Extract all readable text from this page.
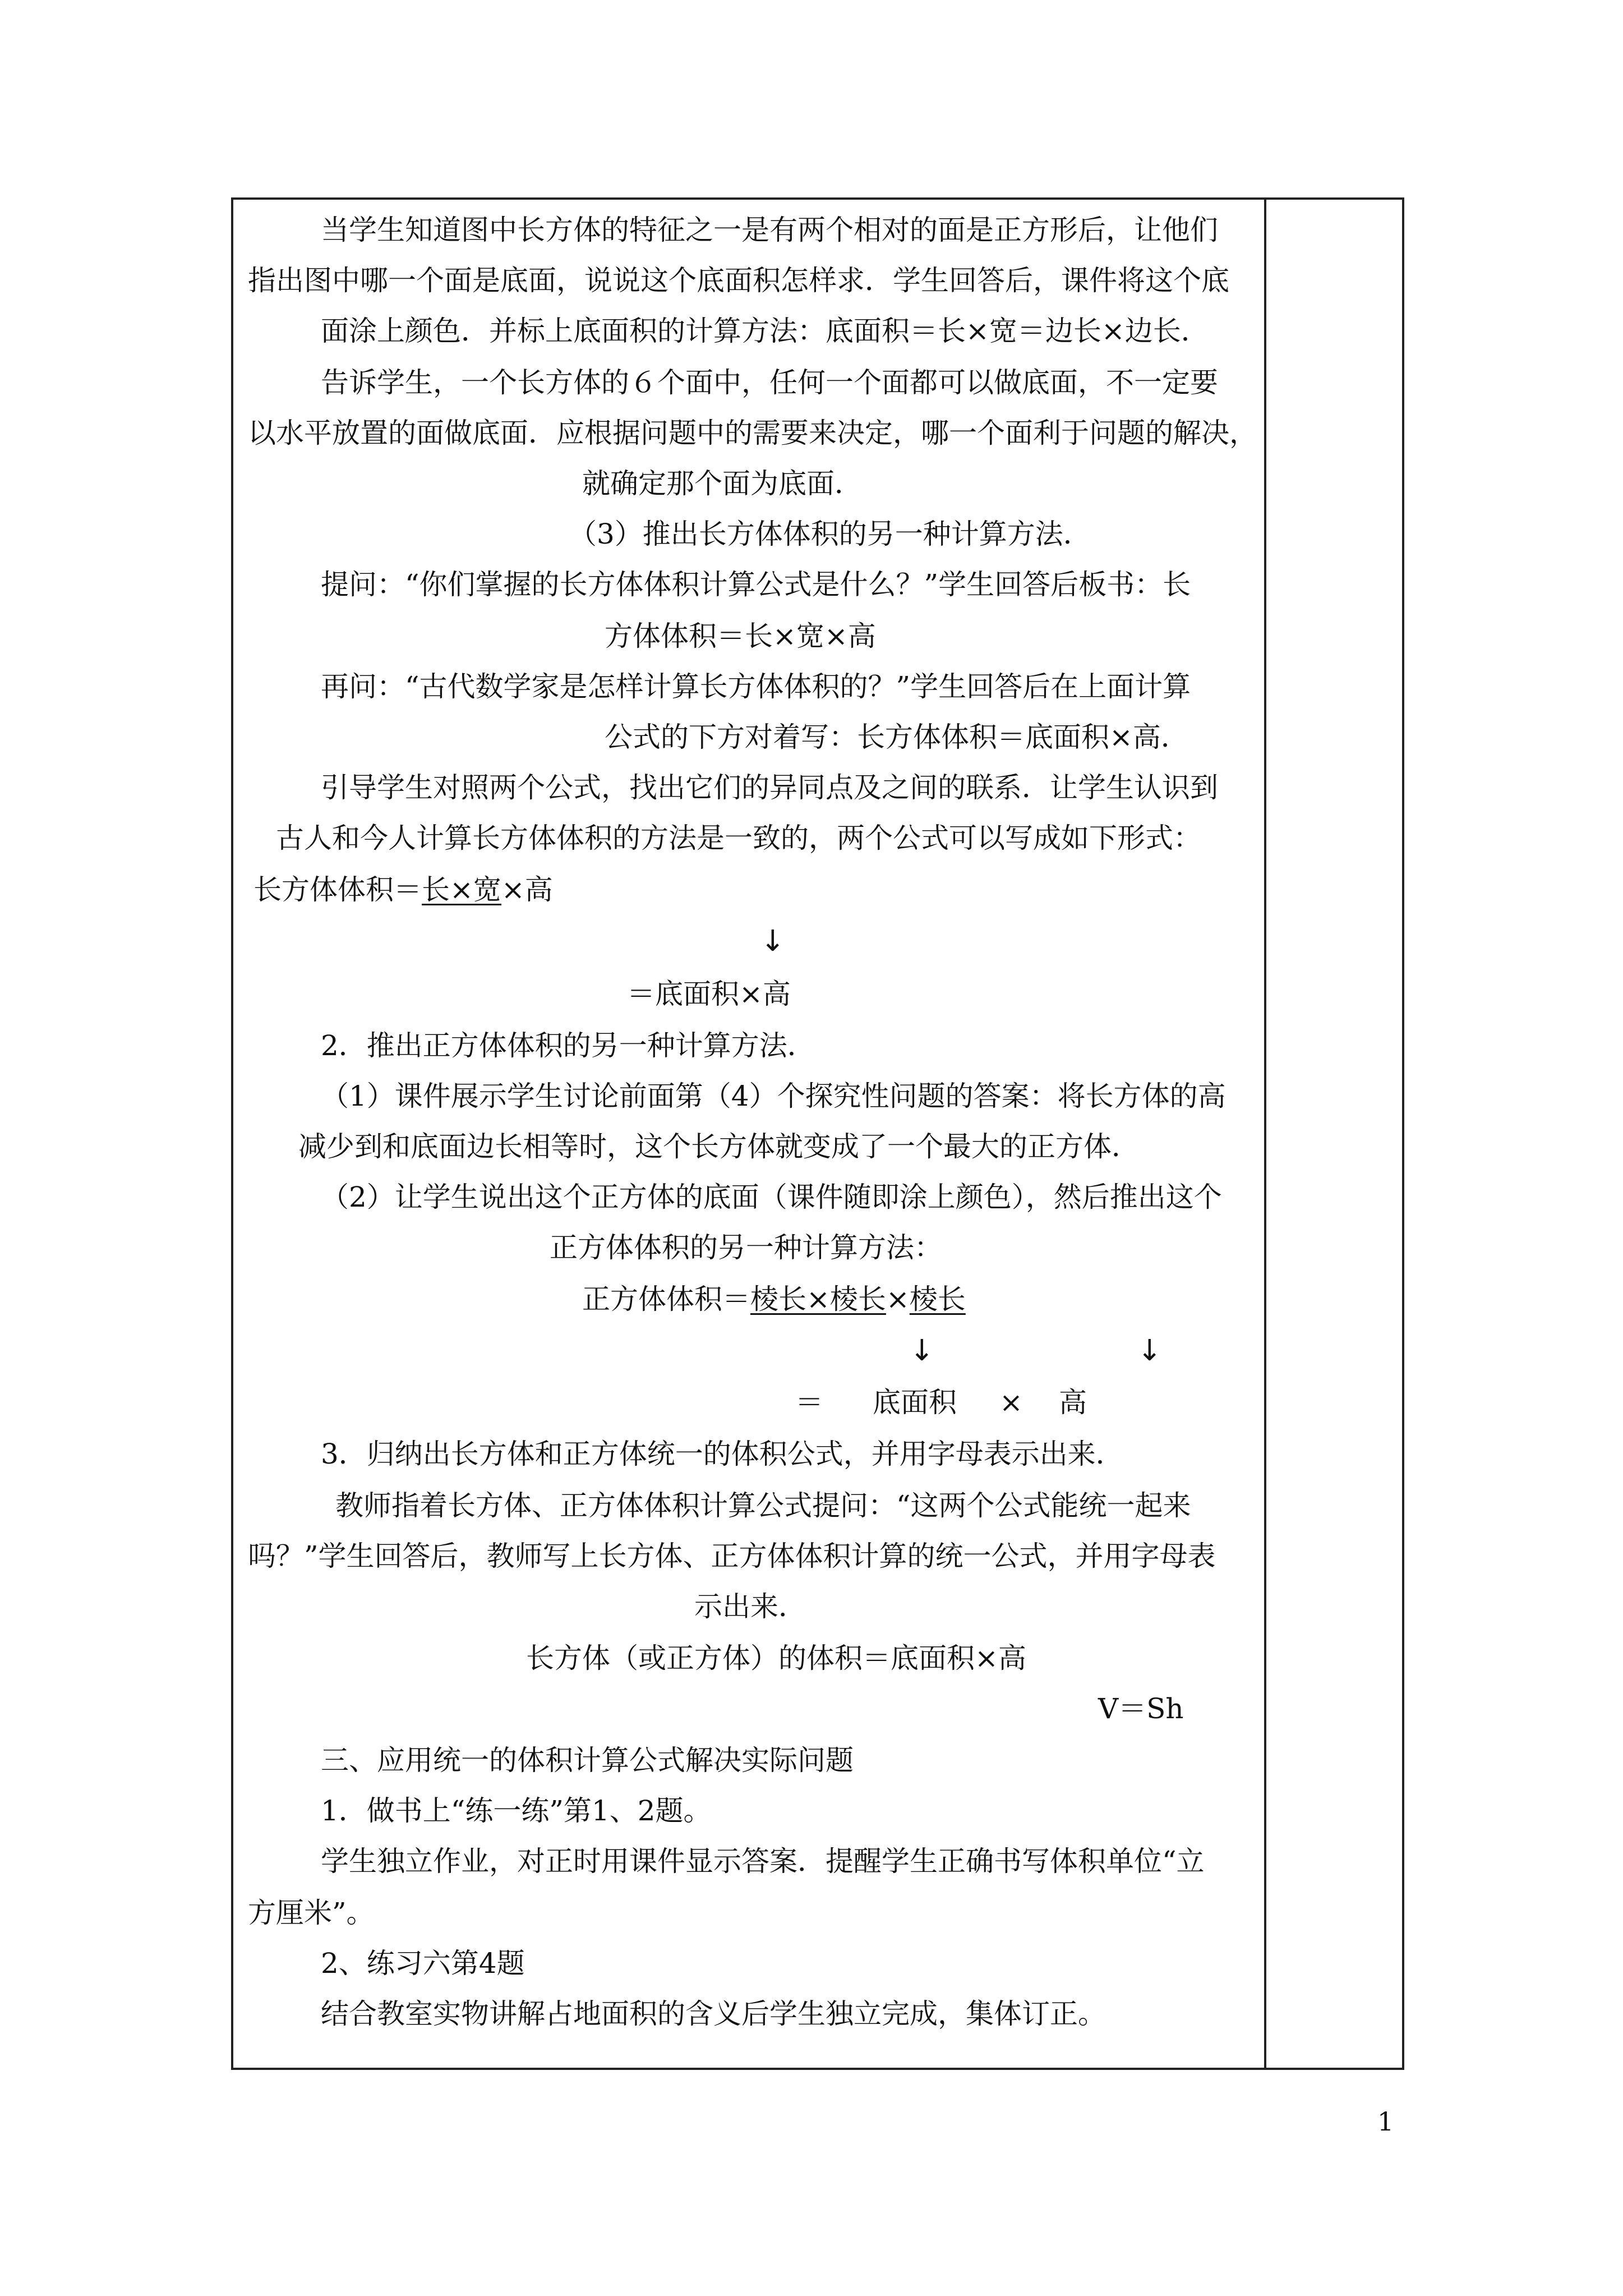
当学生知道图中长方体的特征之一是有两个相对的面是正方形后，让他们
指出图中哪一个面是底面，说说这个底面积怎样求．学生回答后，课件将这个底
面涂上颜色．并标上底面积的计算方法：底面积＝长×宽＝边长×边长．
告诉学生，一个长方体的６个面中，任何一个面都可以做底面，不一定要
以水平放置的面做底面．应根据问题中的需要来决定，哪一个面利于问题的解决，
就确定那个面为底面．
（3）推出长方体体积的另一种计算方法．
提问：“你们掌握的长方体体积计算公式是什么？”学生回答后板书：长
方体体积＝长×宽×高
再问：“古代数学家是怎样计算长方体体积的？”学生回答后在上面计算
公式的下方对着写：长方体体积＝底面积×高．
引导学生对照两个公式，找出它们的异同点及之间的联系．让学生认识到
古人和今人计算长方体体积的方法是一致的，两个公式可以写成如下形式：
长方体体积＝长×宽×高
↓
＝底面积×高
2．推出正方体体积的另一种计算方法．
（1）课件展示学生讨论前面第（4）个探究性问题的答案：将长方体的高
减少到和底面边长相等时，这个长方体就变成了一个最大的正方体．
（2）让学生说出这个正方体的底面（课件随即涂上颜色），然后推出这个
正方体体积的另一种计算方法：
正方体体积＝棱长×棱长×棱长
↓	↓
＝ 底面积 × 高
3．归纳出长方体和正方体统一的体积公式，并用字母表示出来．
教师指着长方体、正方体体积计算公式提问：“这两个公式能统一起来
吗？”学生回答后，教师写上长方体、正方体体积计算的统一公式，并用字母表
示出来．
长方体（或正方体）的体积＝底面积×高
V＝Sh
三、应用统一的体积计算公式解决实际问题
1．做书上“练一练”第1、2题。
学生独立作业，对正时用课件显示答案．提醒学生正确书写体积单位“立
方厘米”。
2、练习六第4题
结合教室实物讲解占地面积的含义后学生独立完成，集体订正。
1
